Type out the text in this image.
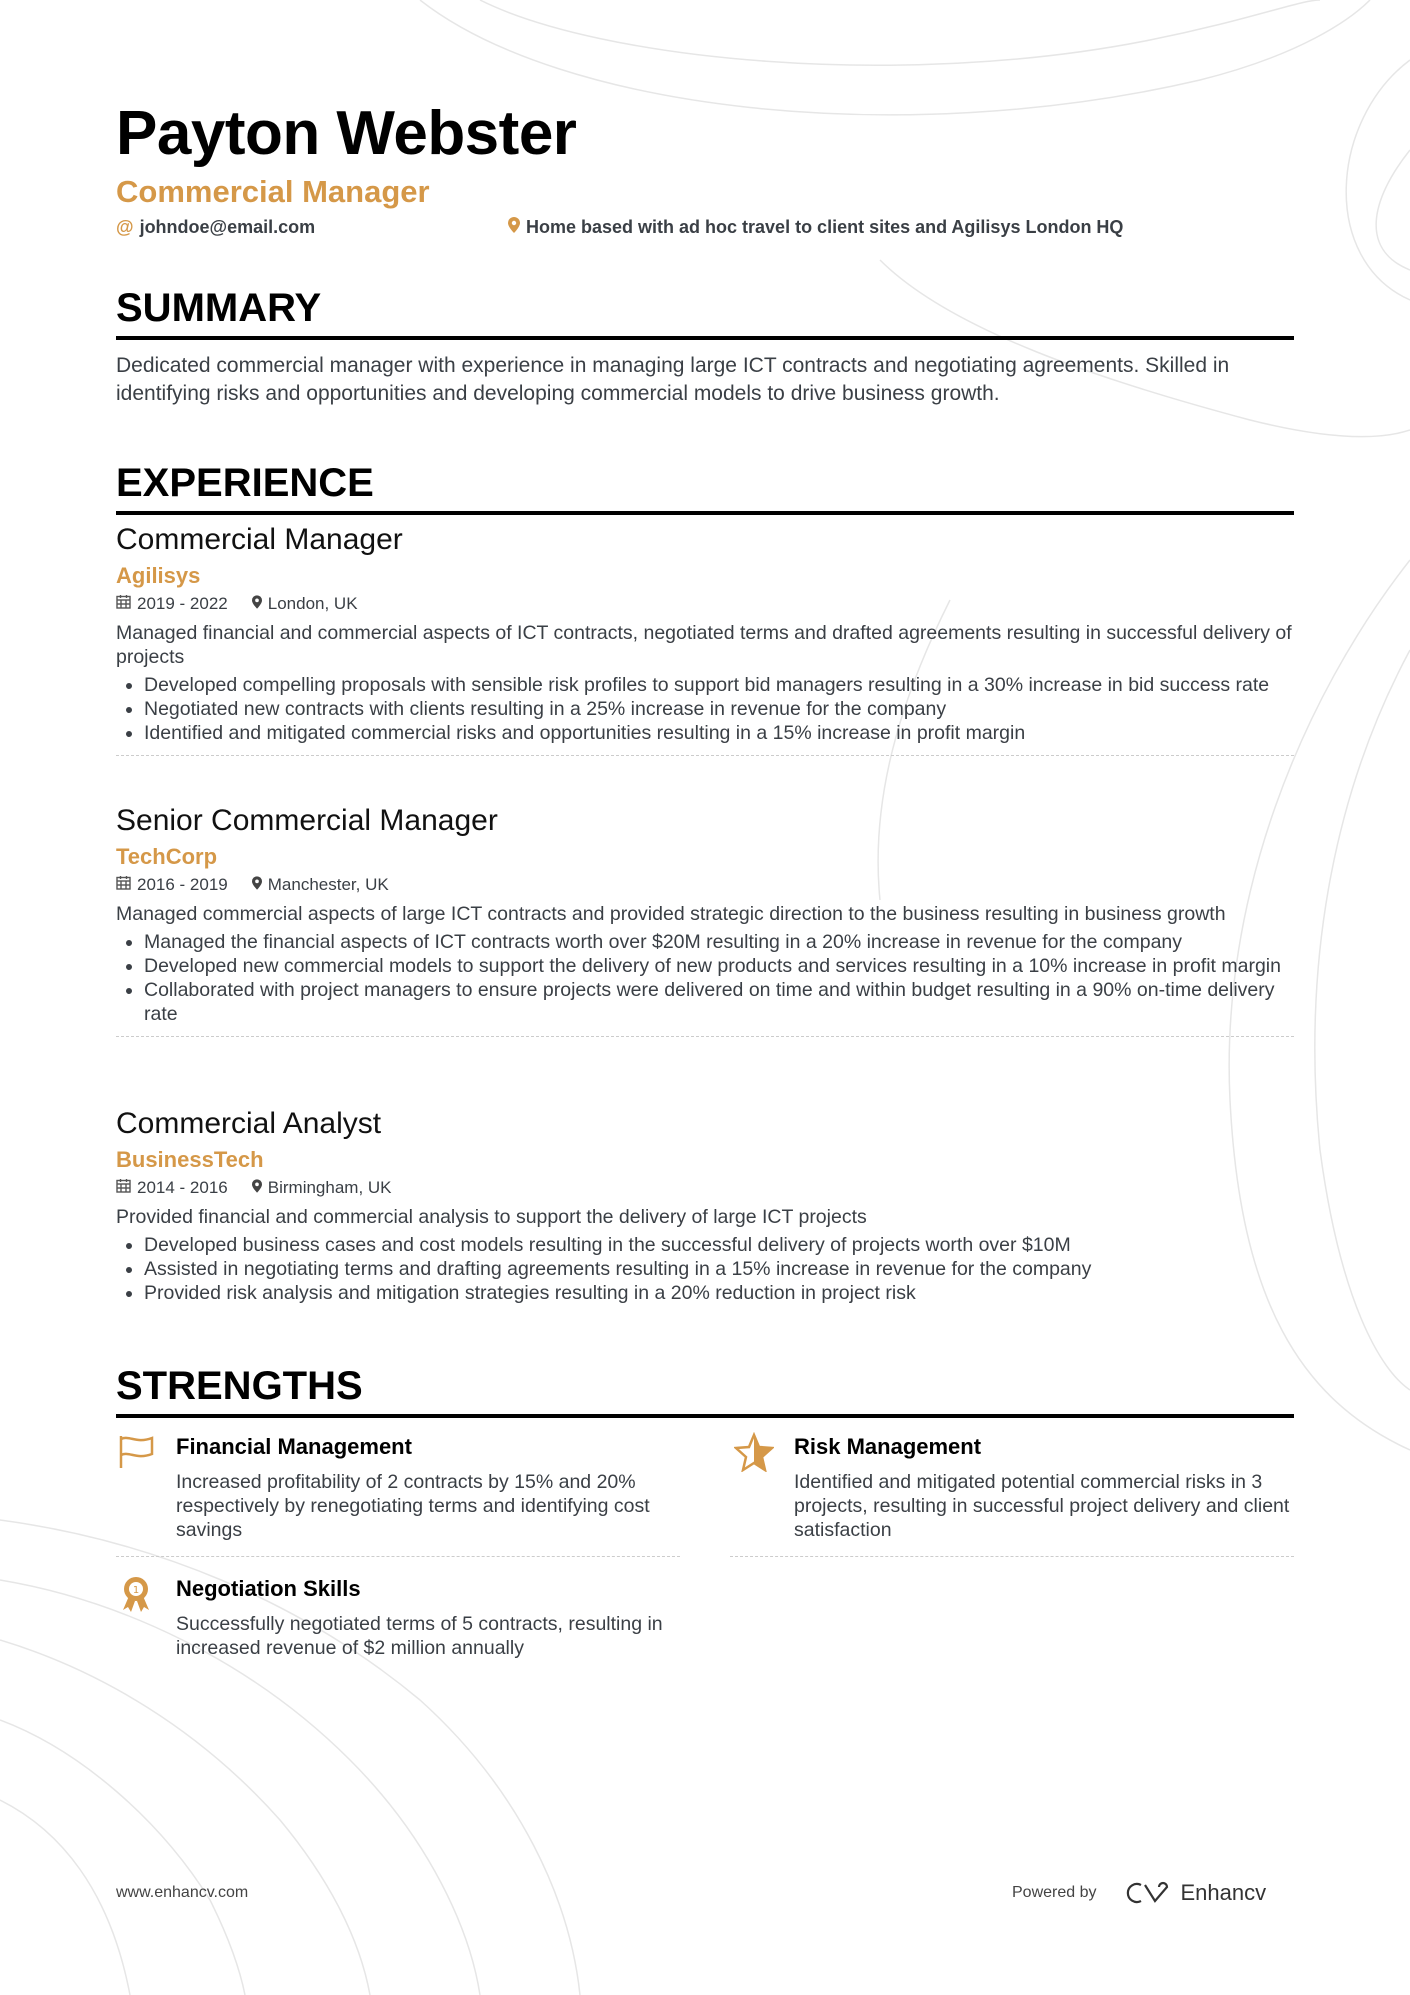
Payton Webster
Commercial Manager
@ johndoe@email.com	Home based with ad hoc travel to client sites and Agilisys London HQ
SUMMARY
Dedicated commercial manager with experience in managing large ICT contracts and negotiating agreements. Skilled in identifying risks and opportunities and developing commercial models to drive business growth.
EXPERIENCE
Commercial Manager
Agilisys
2019 - 2022	London, UK
Managed financial and commercial aspects of ICT contracts, negotiated terms and drafted agreements resulting in successful delivery of projects
• Developed compelling proposals with sensible risk profiles to support bid managers resulting in a 30% increase in bid success rate
• Negotiated new contracts with clients resulting in a 25% increase in revenue for the company
• Identified and mitigated commercial risks and opportunities resulting in a 15% increase in profit margin
Senior Commercial Manager
TechCorp
2016 - 2019	Manchester, UK
Managed commercial aspects of large ICT contracts and provided strategic direction to the business resulting in business growth
• Managed the financial aspects of ICT contracts worth over $20M resulting in a 20% increase in revenue for the company
• Developed new commercial models to support the delivery of new products and services resulting in a 10% increase in profit margin
• Collaborated with project managers to ensure projects were delivered on time and within budget resulting in a 90% on-time delivery rate
Commercial Analyst
BusinessTech
2014 - 2016	Birmingham, UK
Provided financial and commercial analysis to support the delivery of large ICT projects
• Developed business cases and cost models resulting in the successful delivery of projects worth over $10M
• Assisted in negotiating terms and drafting agreements resulting in a 15% increase in revenue for the company
• Provided risk analysis and mitigation strategies resulting in a 20% reduction in project risk
STRENGTHS
Financial Management
Increased profitability of 2 contracts by 15% and 20% respectively by renegotiating terms and identifying cost savings
Risk Management
Identified and mitigated potential commercial risks in 3 projects, resulting in successful project delivery and client satisfaction
1 Negotiation Skills
Successfully negotiated terms of 5 contracts, resulting in increased revenue of $2 million annually
www.enhancv.com	Powered by	Enhancv
